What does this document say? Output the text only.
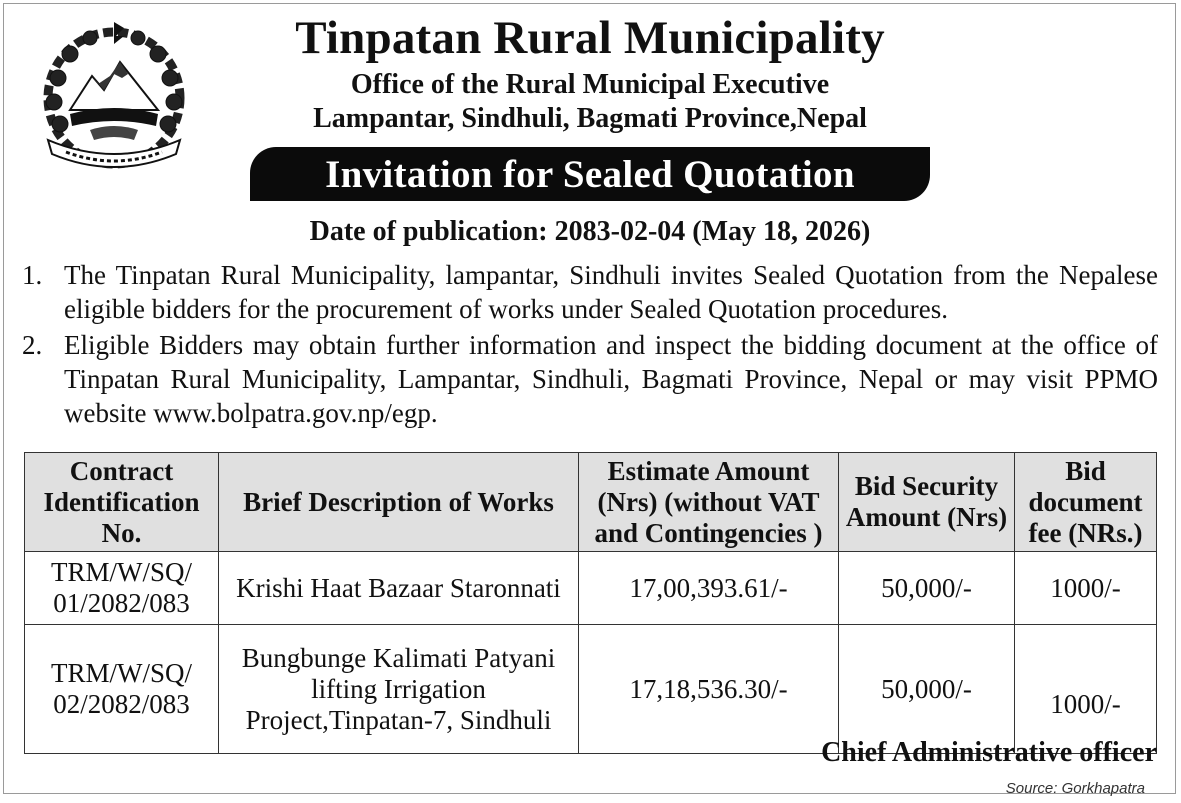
Tinpatan Rural Municipality
Office of the Rural Municipal Executive
Lampantar, Sindhuli, Bagmati Province,Nepal
Invitation for Sealed Quotation
Date of publication: 2083-02-04 (May 18, 2026)
1. The Tinpatan Rural Municipality, lampantar, Sindhuli invites Sealed Quotation from the Nepalese eligible bidders for the procurement of works under Sealed Quotation procedures.
2. Eligible Bidders may obtain further information and inspect the bidding document at the office of Tinpatan Rural Municipality, Lampantar, Sindhuli, Bagmati Province, Nepal or may visit PPMO website www.bolpatra.gov.np/egp.
Contract Identification No.	Brief Description of Works	Estimate Amount (Nrs) (without VAT and Contingencies )	Bid Security Amount (Nrs)	Bid document fee (NRs.)
TRM/W/SQ/ 01/2082/083	Krishi Haat Bazaar Staronnati	17,00,393.61/-	50,000/-	1000/-
TRM/W/SQ/ 02/2082/083	Bungbunge Kalimati Patyani lifting Irrigation Project,Tinpatan-7, Sindhuli	17,18,536.30/-	50,000/-	1000/-
Chief Administrative officer
Source: Gorkhapatra
